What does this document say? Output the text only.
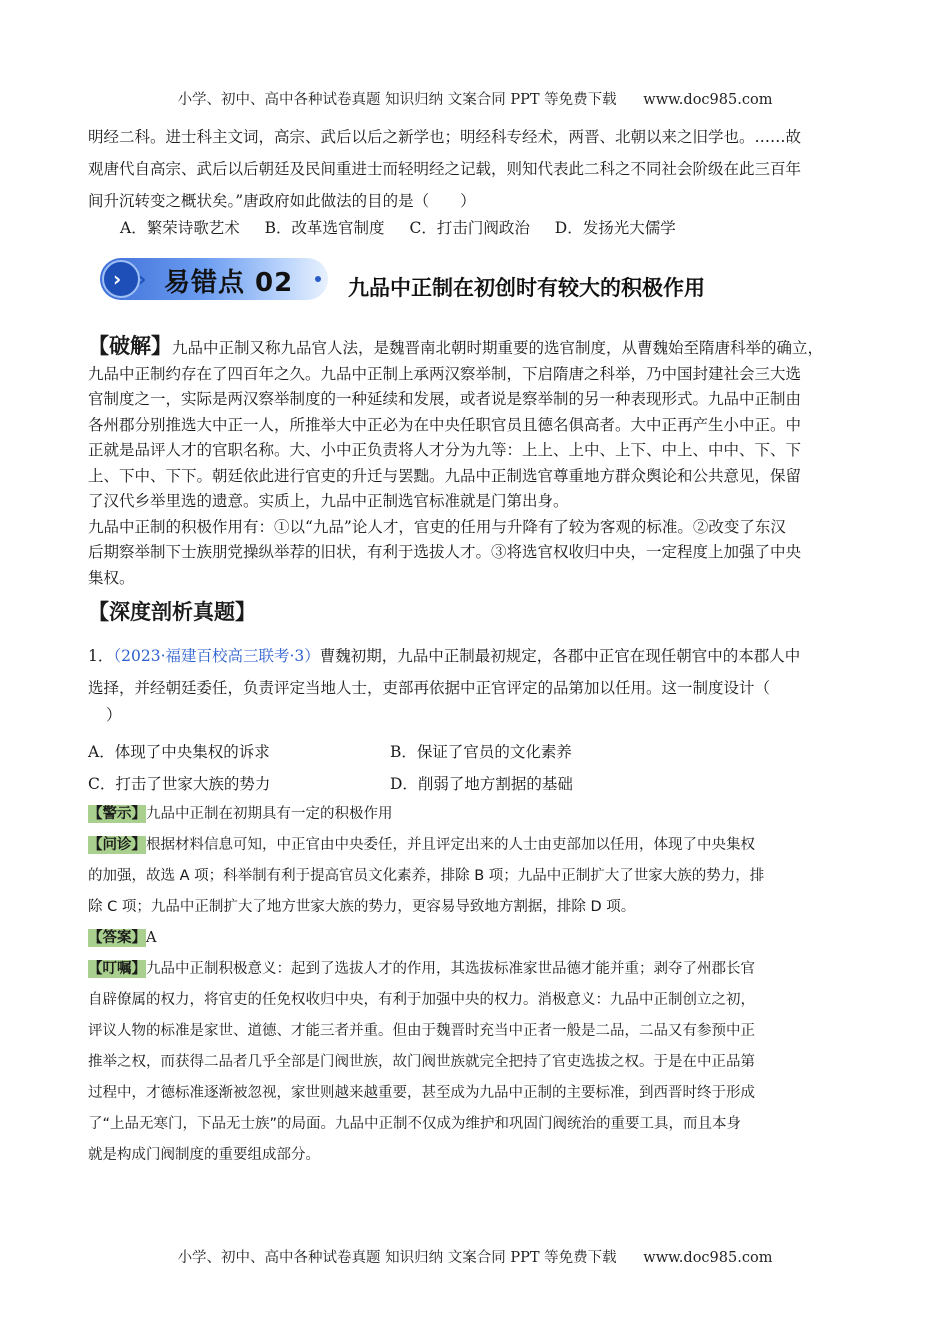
小学、初中、高中各种试卷真题 知识归纳 文案合同 PPT 等免费下载 www.doc985.com
明经二科。进士科主文词，高宗、武后以后之新学也；明经科专经术，两晋、北朝以来之旧学也。……故
观唐代自高宗、武后以后朝廷及民间重进士而轻明经之记载，则知代表此二科之不同社会阶级在此三百年
间升沉转变之概状矣。”唐政府如此做法的目的是（　　）
A．繁荣诗歌艺术 B．改革选官制度 C．打击门阀政治 D．发扬光大儒学
› › 易错点 02	九品中正制在初创时有较大的积极作用
【破解】九品中正制又称九品官人法，是魏晋南北朝时期重要的选官制度，从曹魏始至隋唐科举的确立，
九品中正制约存在了四百年之久。九品中正制上承两汉察举制，下启隋唐之科举，乃中国封建社会三大选
官制度之一，实际是两汉察举制度的一种延续和发展，或者说是察举制的另一种表现形式。九品中正制由
各州郡分别推选大中正一人，所推举大中正必为在中央任职官员且德名俱高者。大中正再产生小中正。中
正就是品评人才的官职名称。大、小中正负责将人才分为九等：上上、上中、上下、中上、中中、下、下
上、下中、下下。朝廷依此进行官吏的升迁与罢黜。九品中正制选官尊重地方群众舆论和公共意见，保留
了汉代乡举里选的遗意。实质上，九品中正制选官标准就是门第出身。
九品中正制的积极作用有：①以“九品”论人才，官吏的任用与升降有了较为客观的标准。②改变了东汉
后期察举制下士族朋党操纵举荐的旧状，有利于选拔人才。③将选官权收归中央，一定程度上加强了中央
集权。
【深度剖析真题】
1．（2023·福建百校高三联考·3）曹魏初期，九品中正制最初规定，各郡中正官在现任朝官中的本郡人中
选择，并经朝廷委任，负责评定当地人士，吏部再依据中正官评定的品第加以任用。这一制度设计（
）
A．体现了中央集权的诉求	B．保证了官员的文化素养
C．打击了世家大族的势力	D．削弱了地方割据的基础
【警示】九品中正制在初期具有一定的积极作用
【问诊】根据材料信息可知，中正官由中央委任，并且评定出来的人士由吏部加以任用，体现了中央集权
的加强，故选 A 项；科举制有利于提高官员文化素养，排除 B 项；九品中正制扩大了世家大族的势力，排
除 C 项；九品中正制扩大了地方世家大族的势力，更容易导致地方割据，排除 D 项。
【答案】A
【叮嘱】九品中正制积极意义：起到了选拔人才的作用，其选拔标准家世品德才能并重；剥夺了州郡长官
自辟僚属的权力，将官吏的任免权收归中央，有利于加强中央的权力。消极意义：九品中正制创立之初，
评议人物的标准是家世、道德、才能三者并重。但由于魏晋时充当中正者一般是二品，二品又有参预中正
推举之权，而获得二品者几乎全部是门阀世族，故门阀世族就完全把持了官吏选拔之权。于是在中正品第
过程中，才德标准逐渐被忽视，家世则越来越重要，甚至成为九品中正制的主要标准，到西晋时终于形成
了“上品无寒门，下品无士族”的局面。九品中正制不仅成为维护和巩固门阀统治的重要工具，而且本身
就是构成门阀制度的重要组成部分。
小学、初中、高中各种试卷真题 知识归纳 文案合同 PPT 等免费下载 www.doc985.com
